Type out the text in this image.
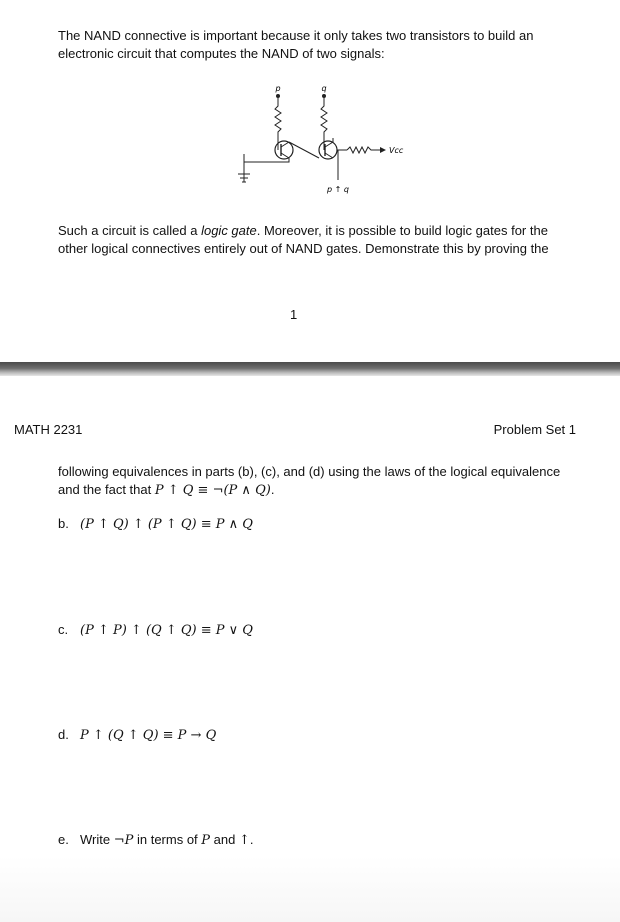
The NAND connective is important because it only takes two transistors to build an
electronic circuit that computes the NAND of two signals:
p	q
Vcc
p ↑ q
Such a circuit is called a logic gate. Moreover, it is possible to build logic gates for the
other logical connectives entirely out of NAND gates. Demonstrate this by proving the
1
MATH 2231	Problem Set 1
following equivalences in parts (b), (c), and (d) using the laws of the logical equivalence
and the fact that P ↑ Q ≡ ¬(P ∧ Q).
b. (P ↑ Q) ↑ (P ↑ Q) ≡ P ∧ Q
c. (P ↑ P) ↑ (Q ↑ Q) ≡ P ∨ Q
d. P ↑ (Q ↑ Q) ≡ P → Q
e. Write ¬P in terms of P and ↑.
